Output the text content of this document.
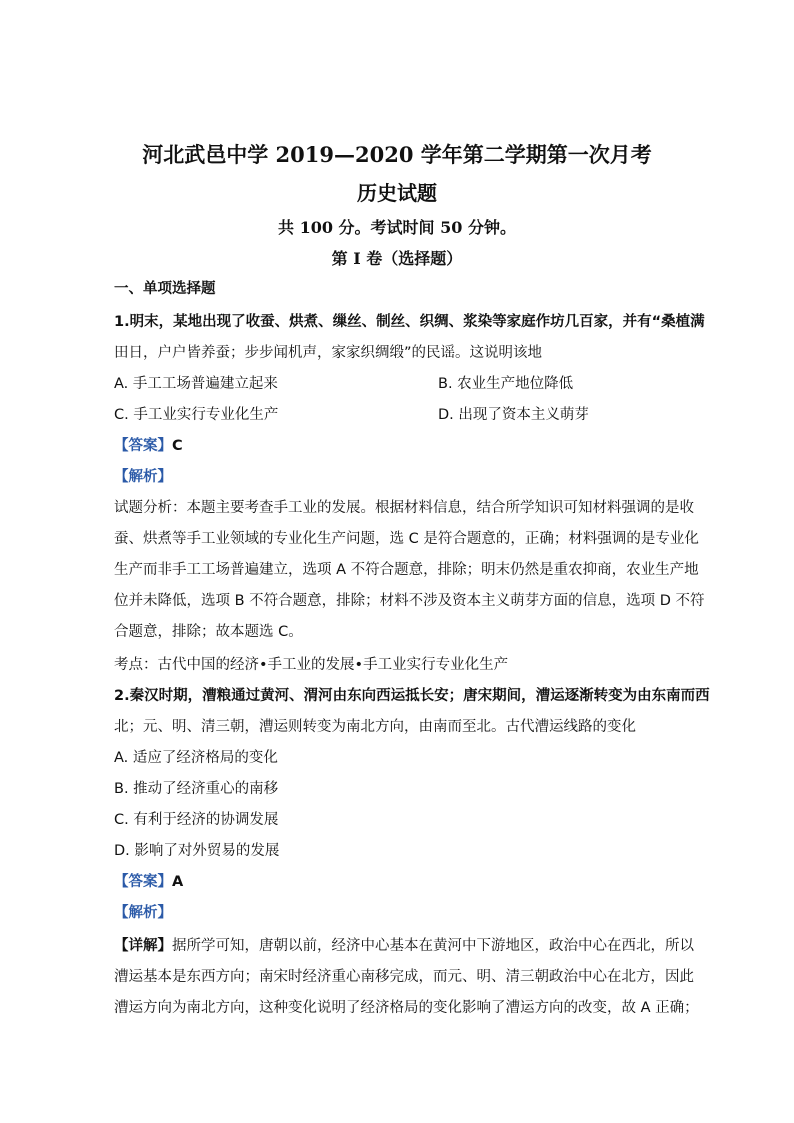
河北武邑中学 2019—2020 学年第二学期第一次月考
历史试题
共 100 分。考试时间 50 分钟。
第 I 卷（选择题）
一、单项选择题
1.明末，某地出现了收蚕、烘煮、缫丝、制丝、织绸、浆染等家庭作坊几百家，并有“桑植满
田日，户户皆养蚕；步步闻机声，家家织绸缎”的民谣。这说明该地
A. 手工工场普遍建立起来	B. 农业生产地位降低
C. 手工业实行专业化生产	D. 出现了资本主义萌芽
【答案】C
【解析】
试题分析：本题主要考查手工业的发展。根据材料信息，结合所学知识可知材料强调的是收
蚕、烘煮等手工业领域的专业化生产问题，选 C 是符合题意的，正确；材料强调的是专业化
生产而非手工工场普遍建立，选项 A 不符合题意，排除；明末仍然是重农抑商，农业生产地
位并未降低，选项 B 不符合题意，排除；材料不涉及资本主义萌芽方面的信息，选项 D 不符
合题意，排除；故本题选 C。
考点：古代中国的经济•手工业的发展•手工业实行专业化生产
2.秦汉时期，漕粮通过黄河、渭河由东向西运抵长安；唐宋期间，漕运逐渐转变为由东南而西
北；元、明、清三朝，漕运则转变为南北方向，由南而至北。古代漕运线路的变化
A. 适应了经济格局的变化
B. 推动了经济重心的南移
C. 有利于经济的协调发展
D. 影响了对外贸易的发展
【答案】A
【解析】
【详解】据所学可知，唐朝以前，经济中心基本在黄河中下游地区，政治中心在西北，所以
漕运基本是东西方向；南宋时经济重心南移完成，而元、明、清三朝政治中心在北方，因此
漕运方向为南北方向，这种变化说明了经济格局的变化影响了漕运方向的改变，故 A 正确；
